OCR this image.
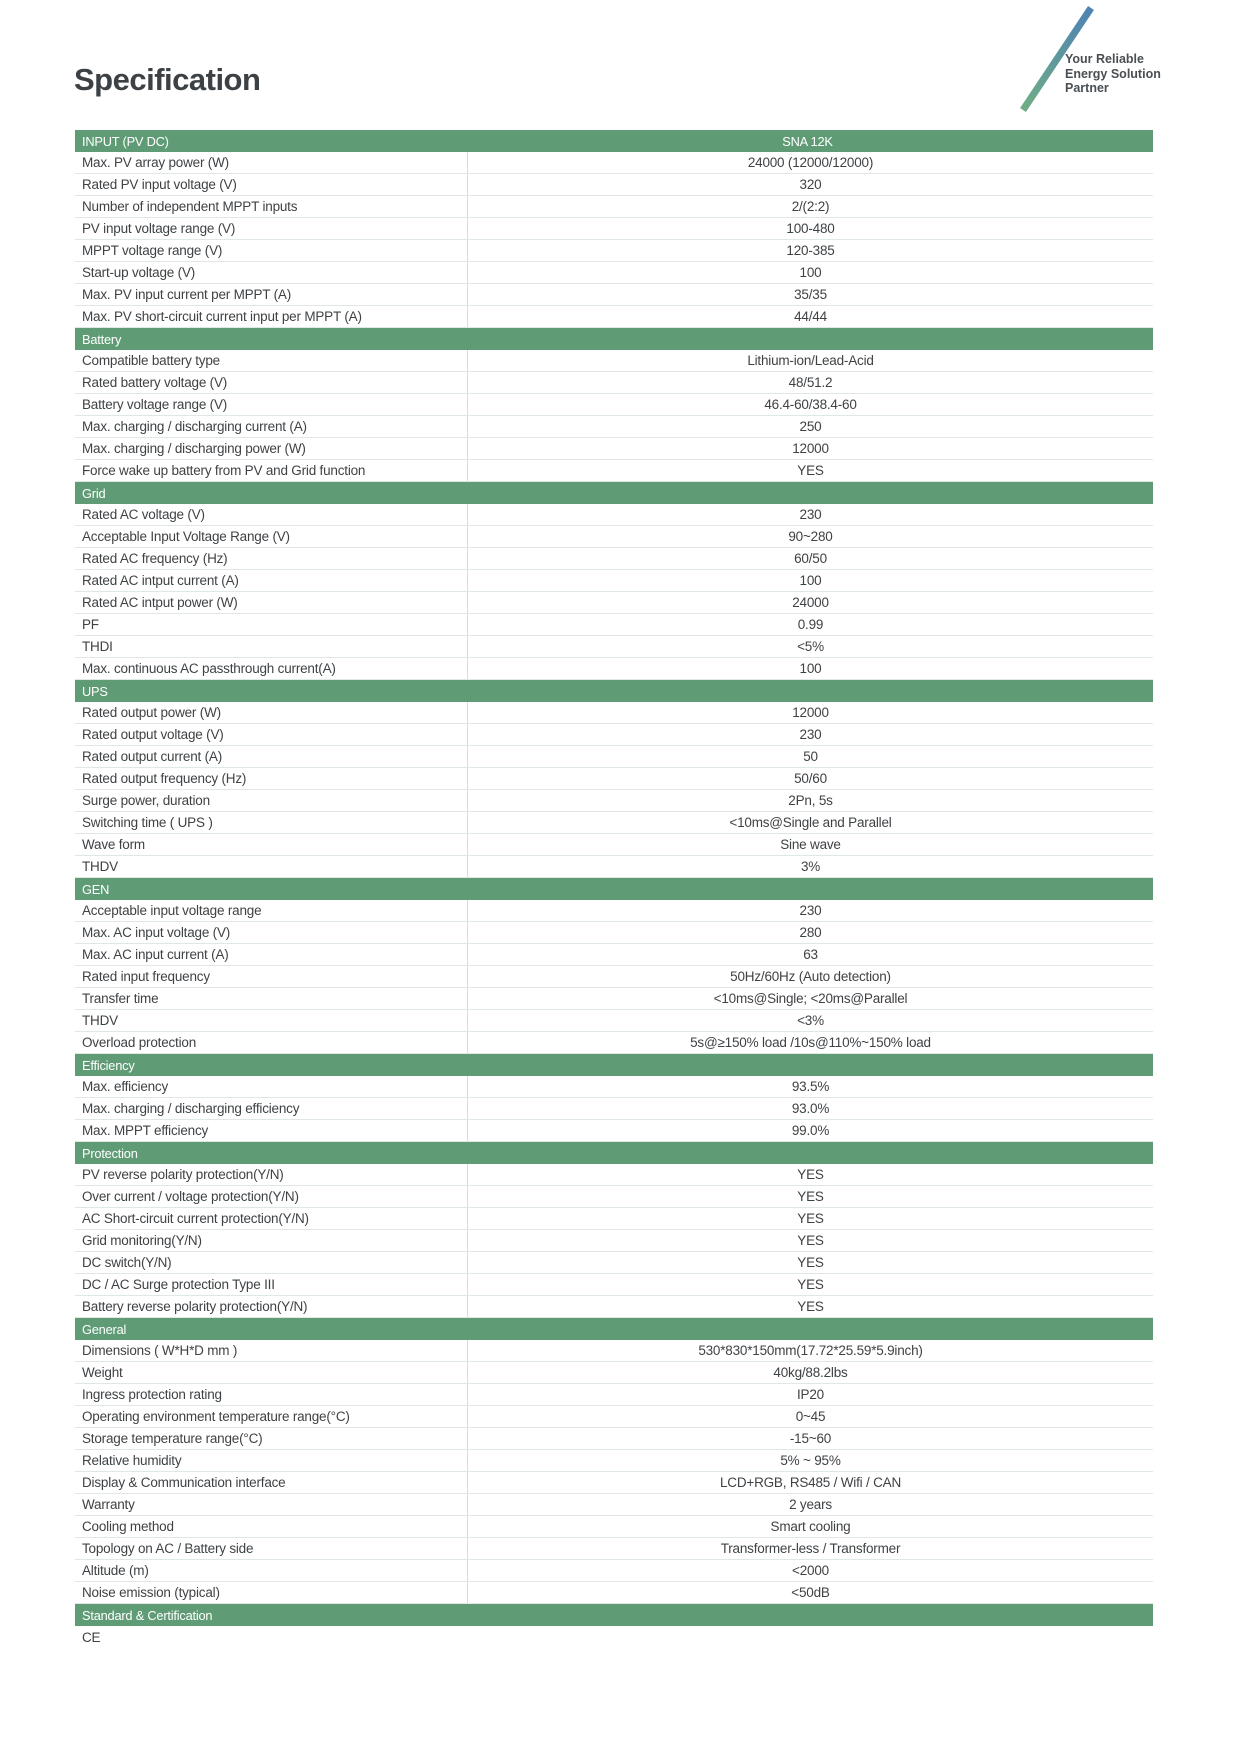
Specification
Your Reliable
Energy Solution
Partner
INPUT (PV DC)	SNA 12K
Max. PV array power (W)	24000 (12000/12000)
Rated PV input voltage (V)	320
Number of independent MPPT inputs	2/(2:2)
PV input voltage range (V)	100-480
MPPT voltage range (V)	120-385
Start-up voltage (V)	100
Max. PV input current per MPPT (A)	35/35
Max. PV short-circuit current input per MPPT (A)	44/44
Battery
Compatible battery type	Lithium-ion/Lead-Acid
Rated battery voltage (V)	48/51.2
Battery voltage range (V)	46.4-60/38.4-60
Max. charging / discharging current (A)	250
Max. charging / discharging power (W)	12000
Force wake up battery from PV and Grid function	YES
Grid
Rated AC voltage (V)	230
Acceptable Input Voltage Range (V)	90~280
Rated AC frequency (Hz)	60/50
Rated AC intput current (A)	100
Rated AC intput power (W)	24000
PF	0.99
THDI	<5%
Max. continuous AC passthrough current(A)	100
UPS
Rated output power (W)	12000
Rated output voltage (V)	230
Rated output current (A)	50
Rated output frequency (Hz)	50/60
Surge power, duration	2Pn, 5s
Switching time ( UPS )	<10ms@Single and Parallel
Wave form	Sine wave
THDV	3%
GEN
Acceptable input voltage range	230
Max. AC input voltage (V)	280
Max. AC input current (A)	63
Rated input frequency	50Hz/60Hz (Auto detection)
Transfer time	<10ms@Single; <20ms@Parallel
THDV	<3%
Overload protection	5s@≥150% load /10s@110%~150% load
Efficiency
Max. efficiency	93.5%
Max. charging / discharging efficiency	93.0%
Max. MPPT efficiency	99.0%
Protection
PV reverse polarity protection(Y/N)	YES
Over current / voltage protection(Y/N)	YES
AC Short-circuit current protection(Y/N)	YES
Grid monitoring(Y/N)	YES
DC switch(Y/N)	YES
DC / AC Surge protection Type III	YES
Battery reverse polarity protection(Y/N)	YES
General
Dimensions ( W*H*D mm )	530*830*150mm(17.72*25.59*5.9inch)
Weight	40kg/88.2lbs
Ingress protection rating	IP20
Operating environment temperature range(°C)	0~45
Storage temperature range(°C)	-15~60
Relative humidity	5% ~ 95%
Display & Communication interface	LCD+RGB, RS485 / Wifi / CAN
Warranty	2 years
Cooling method	Smart cooling
Topology on AC / Battery side	Transformer-less / Transformer
Altitude (m)	<2000
Noise emission (typical)	<50dB
Standard & Certification
CE
